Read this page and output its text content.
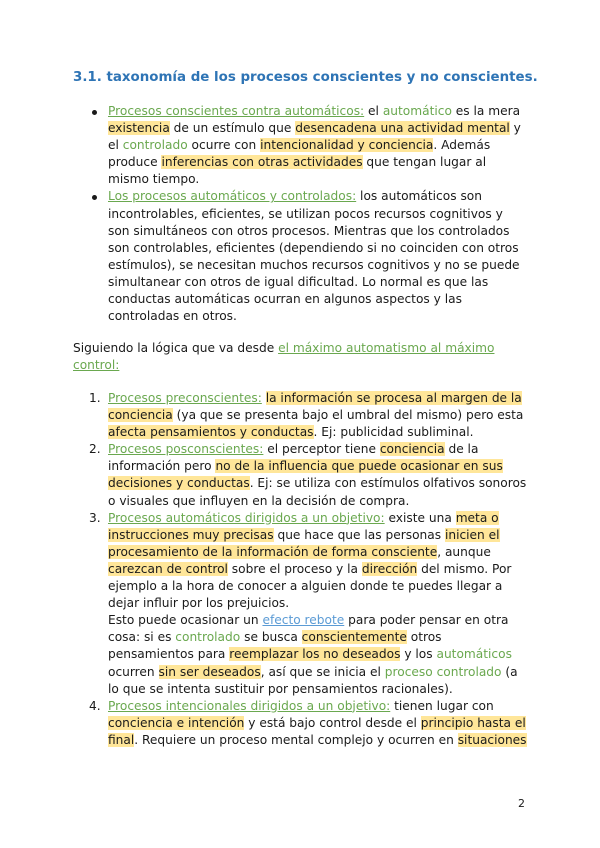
3.1. taxonomía de los procesos conscientes y no conscientes.
Procesos conscientes contra automáticos: el automático es la mera existencia de un estímulo que desencadena una actividad mental y el controlado ocurre con intencionalidad y conciencia. Además produce inferencias con otras actividades que tengan lugar al mismo tiempo.
Los procesos automáticos y controlados: los automáticos son incontrolables, eficientes, se utilizan pocos recursos cognitivos y son simultáneos con otros procesos. Mientras que los controlados son controlables, eficientes (dependiendo si no coinciden con otros estímulos), se necesitan muchos recursos cognitivos y no se puede simultanear con otros de igual dificultad. Lo normal es que las conductas automáticas ocurran en algunos aspectos y las controladas en otros.

Siguiendo la lógica que va desde el máximo automatismo al máximo control:

1. Procesos preconscientes: la información se procesa al margen de la conciencia (ya que se presenta bajo el umbral del mismo) pero esta afecta pensamientos y conductas. Ej: publicidad subliminal.
2. Procesos posconscientes: el perceptor tiene conciencia de la información pero no de la influencia que puede ocasionar en sus decisiones y conductas. Ej: se utiliza con estímulos olfativos sonoros o visuales que influyen en la decisión de compra.
3. Procesos automáticos dirigidos a un objetivo: existe una meta o instrucciones muy precisas que hace que las personas inicien el procesamiento de la información de forma consciente, aunque carezcan de control sobre el proceso y la dirección del mismo. Por ejemplo a la hora de conocer a alguien donde te puedes llegar a dejar influir por los prejuicios.
Esto puede ocasionar un efecto rebote para poder pensar en otra cosa: si es controlado se busca conscientemente otros pensamientos para reemplazar los no deseados y los automáticos ocurren sin ser deseados, así que se inicia el proceso controlado (a lo que se intenta sustituir por pensamientos racionales).
4. Procesos intencionales dirigidos a un objetivo: tienen lugar con conciencia e intención y está bajo control desde el principio hasta el final. Requiere un proceso mental complejo y ocurren en situaciones
2
